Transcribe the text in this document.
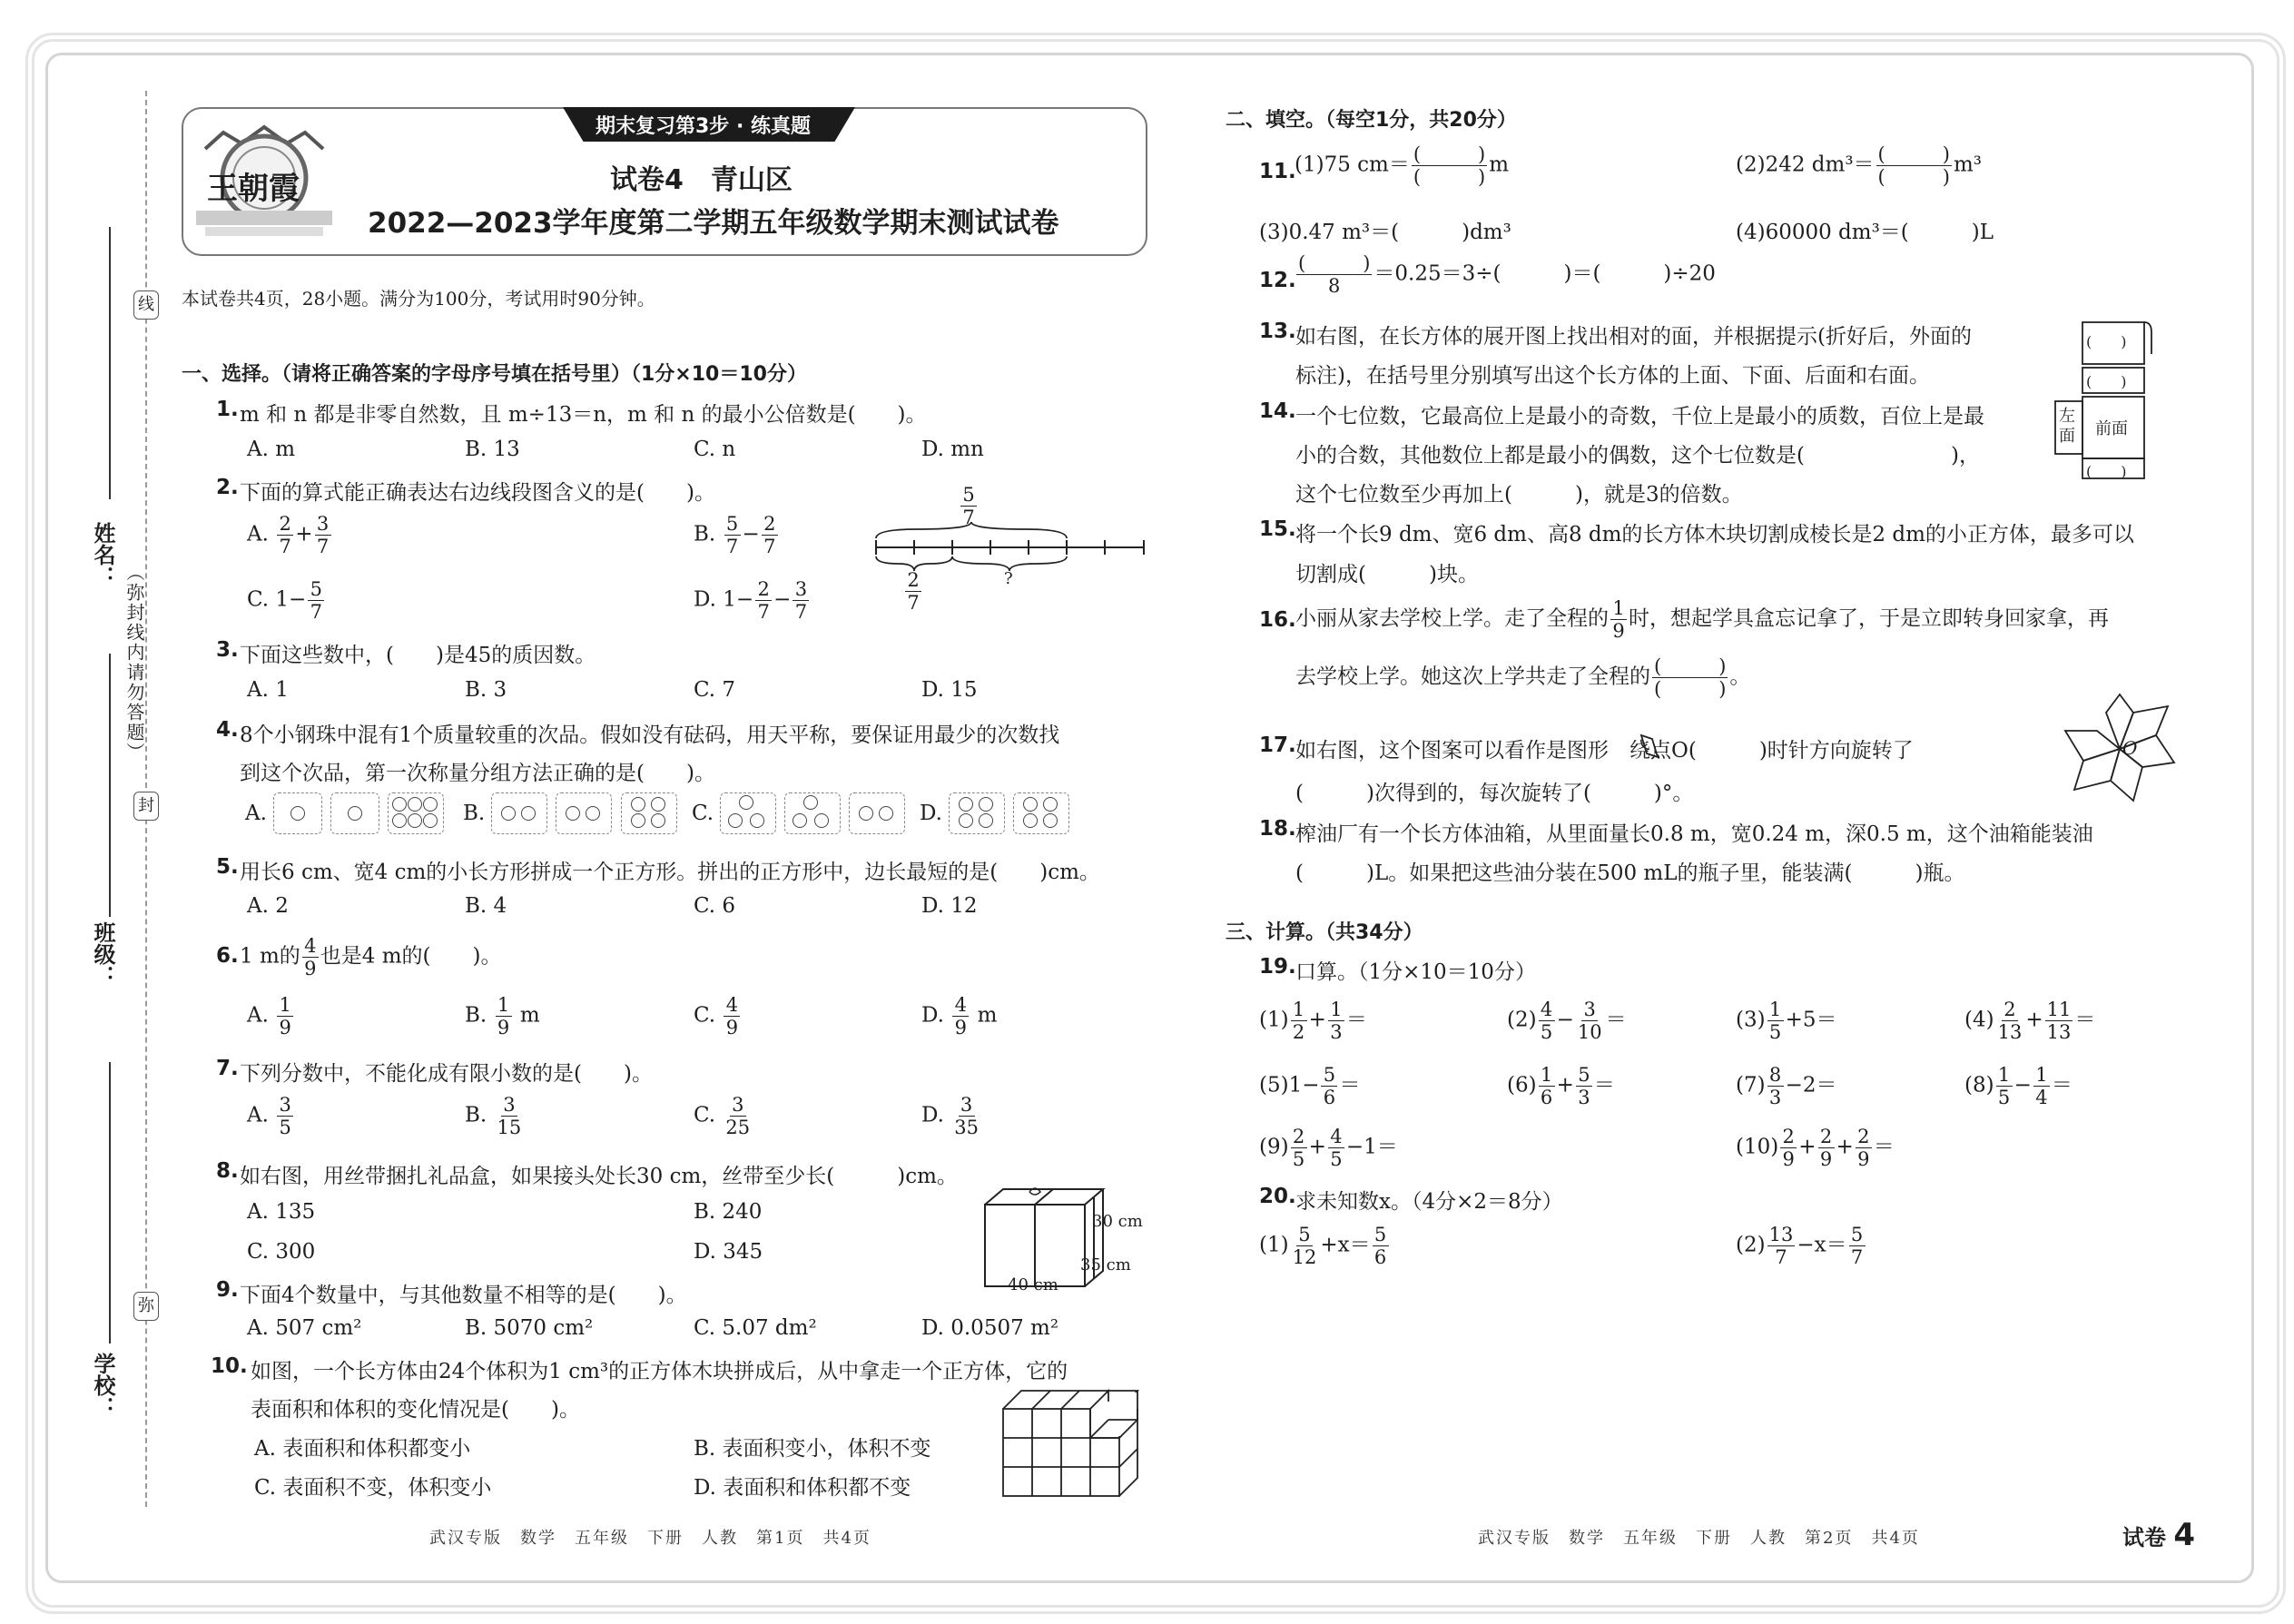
线
封
弥
（弥封线内请勿答题）
姓名：
班级：
学校：
王朝霞
期末复习第3步 · 练真题
试卷4　青山区
2022—2023学年度第二学期五年级数学期末测试试卷
本试卷共4页，28小题。满分为100分，考试用时90分钟。
一、选择。（请将正确答案的字母序号填在括号里）（1分×10＝10分）
1. m 和 n 都是非零自然数，且 m÷13＝n，m 和 n 的最小公倍数是(　　)。
A. m	B. 13	C. n	D. mn
2. 下面的算式能正确表达右边线段图含义的是(　　)。
A. $\frac{2}{7} + \frac{3}{7}$	B. $\frac{5}{7} - \frac{2}{7}$
C. $1- \frac{5}{7}$	D. $1- \frac{2}{7} - \frac{3}{7}$
$\frac{5}{7}$
$\frac{2}{7}$	?
3. 下面这些数中，(　　)是45的质因数。
A. 1	B. 3	C. 7	D. 15
4. 8个小钢珠中混有1个质量较重的次品。假如没有砝码，用天平称，要保证用最少的次数找
到这个次品，第一次称量分组方法正确的是(　　)。
A.

	B.

	C.

	D.

5. 用长6 cm、宽4 cm的小长方形拼成一个正方形。拼出的正方形中，边长最短的是(　　)cm。
A. 2	B. 4	C. 6	D. 12
6. 1 m的 $\frac{4}{9}$ 也是4 m的(　　)。
A. $\frac{1}{9}$	B. $\frac{1}{9}$ m	C. $\frac{4}{9}$	D. $\frac{4}{9}$ m
7. 下列分数中，不能化成有限小数的是(　　)。
A. $\frac{3}{5}$	B. $\frac{3}{15}$	C. $\frac{3}{25}$	D. $\frac{3}{35}$
8. 如右图，用丝带捆扎礼品盒，如果接头处长30 cm，丝带至少长(　　　)cm。
A. 135	B. 240
C. 300	D. 345
30 cm
35 cm
40 cm
9. 下面4个数量中，与其他数量不相等的是(　　)。
A. 507 cm²	B. 5070 cm²	C. 5.07 dm²	D. 0.0507 m²
10. 如图，一个长方体由24个体积为1 cm³的正方体木块拼成后，从中拿走一个正方体，它的
表面积和体积的变化情况是(　　)。
A. 表面积和体积都变小	B. 表面积变小，体积不变
C. 表面积不变，体积变小	D. 表面积和体积都不变
武汉专版　数学　五年级　下册　人教　第1页　共4页
二、填空。（每空1分，共20分）
11.
(1)75 $cm= \frac{( )}{( )}$ m	(2)242 $dm^3= \frac{( )}{( )} m^3$
(3)0.47 m³＝(　　　)dm³	(4)60000 dm³＝(　　　)L
12. $\frac{( )}{8} =0.25=3\div$(　　　)＝(　　　)÷20
13. 如右图，在长方体的展开图上找出相对的面，并根据提示(折好后，外面的
标注)，在括号里分别填写出这个长方体的上面、下面、后面和右面。
14. 一个七位数，它最高位上是最小的奇数，千位上是最小的质数，百位上是最
小的合数，其他数位上都是最小的偶数，这个七位数是(　　　　　　　)，
这个七位数至少再加上(　　　)，就是3的倍数。
(　　)
(　　)
前面
(　　)
左面
15. 将一个长9 dm、宽6 dm、高8 dm的长方体木块切割成棱长是2 dm的小正方体，最多可以
切割成(　　　)块。
16. 小丽从家去学校上学。走了全程的 $\frac{1}{9}$ 时，想起学具盒忘记拿了，于是立即转身回家拿，再
去学校上学。她这次上学共走了全程的 $\frac{( )}{( )}$ 。
17. 如右图，这个图案可以看作是图形　绕点O(　　　)时针方向旋转了
(　　　)次得到的，每次旋转了(　　　)°。
O
18. 榨油厂有一个长方体油箱，从里面量长0.8 m，宽0.24 m，深0.5 m，这个油箱能装油
(　　　)L。如果把这些油分装在500 mL的瓶子里，能装满(　　　)瓶。
三、计算。（共34分）
19. 口算。（1分×10＝10分）
$(1) \frac{1}{2} + \frac{1}{3}$ ＝	$(2) \frac{4}{5} - \frac{3}{10}$ ＝	$(3) \frac{1}{5} +5=$	$(4) \frac{2}{13} + \frac{11}{13}$ ＝
$(5)1- \frac{5}{6}$ ＝	$(6) \frac{1}{6} + \frac{5}{3}$ ＝	$(7) \frac{8}{3} -2=$	$(8) \frac{1}{5} - \frac{1}{4}$ ＝
$(9) \frac{2}{5} + \frac{4}{5} -1=$	$(10) \frac{2}{9} + \frac{2}{9} + \frac{2}{9}$ ＝
20. 求未知数x。（4分×2＝8分）
$(1) \frac{5}{12} +x= \frac{5}{6}$	$(2) \frac{13}{7} -x= \frac{5}{7}$
武汉专版　数学　五年级　下册　人教　第2页　共4页	试卷 4
